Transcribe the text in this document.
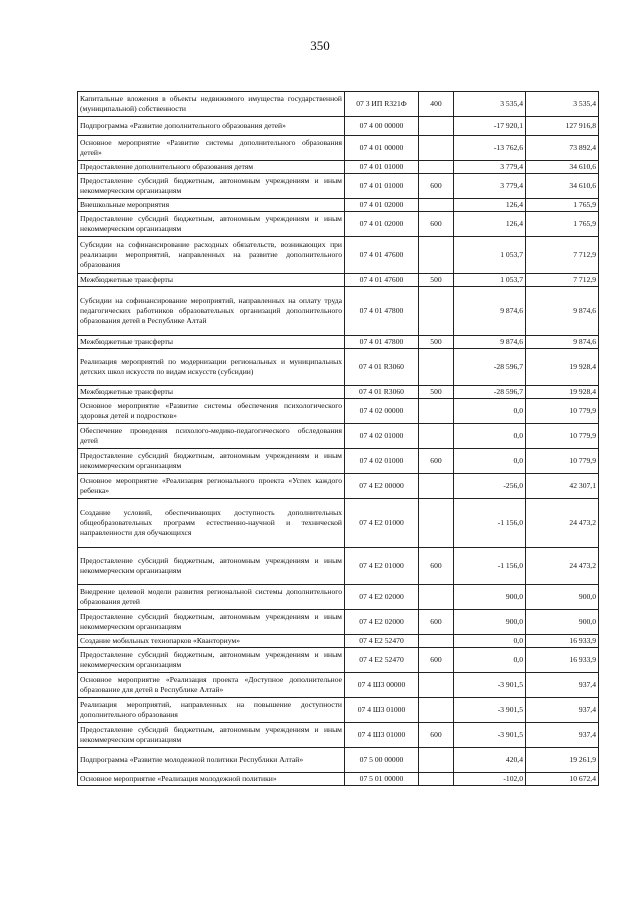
350
Капитальные вложения в объекты недвижимого имущества государственной (муниципальной) собственности	07 3 ИП R321Ф	400	3 535,4	3 535,4
Подпрограмма «Развитие дополнительного образования детей»	07 4 00 00000		-17 920,1	127 916,8
Основное мероприятие «Развитие системы дополнительного образования детей»	07 4 01 00000		-13 762,6	73 892,4
Предоставление дополнительного образования детям	07 4 01 01000		3 779,4	34 610,6
Предоставление субсидий бюджетным, автономным учреждениям и иным некоммерческим организациям	07 4 01 01000	600	3 779,4	34 610,6
Внешкольные мероприятия	07 4 01 02000		126,4	1 765,9
Предоставление субсидий бюджетным, автономным учреждениям и иным некоммерческим организациям	07 4 01 02000	600	126,4	1 765,9
Субсидии на софинансирование расходных обязательств, возникающих при реализации мероприятий, направленных на развитие дополнительного образования	07 4 01 47600		1 053,7	7 712,9
Межбюджетные трансферты	07 4 01 47600	500	1 053,7	7 712,9
Субсидии на софинансирование мероприятий, направленных на оплату труда педагогических работников образовательных организаций дополнительного образования детей в Республике Алтай	07 4 01 47800		9 874,6	9 874,6
Межбюджетные трансферты	07 4 01 47800	500	9 874,6	9 874,6
Реализация мероприятий по модернизации региональных и муниципальных детских школ искусств по видам искусств (субсидии)	07 4 01 R3060		-28 596,7	19 928,4
Межбюджетные трансферты	07 4 01 R3060	500	-28 596,7	19 928,4
Основное мероприятие «Развитие системы обеспечения психологического здоровья детей и подростков»	07 4 02 00000		0,0	10 779,9
Обеспечение проведения психолого-медико-педагогического обследования детей	07 4 02 01000		0,0	10 779,9
Предоставление субсидий бюджетным, автономным учреждениям и иным некоммерческим организациям	07 4 02 01000	600	0,0	10 779,9
Основное мероприятие «Реализация регионального проекта «Успех каждого ребенка»	07 4 E2 00000		-256,0	42 307,1
Создание условий, обеспечивающих доступность дополнительных общеобразовательных программ естественно-научной и технической направленности для обучающихся	07 4 E2 01000		-1 156,0	24 473,2
Предоставление субсидий бюджетным, автономным учреждениям и иным некоммерческим организациям	07 4 E2 01000	600	-1 156,0	24 473,2
Внедрение целевой модели развития региональной системы дополнительного образования детей	07 4 E2 02000		900,0	900,0
Предоставление субсидий бюджетным, автономным учреждениям и иным некоммерческим организациям	07 4 E2 02000	600	900,0	900,0
Создание мобильных технопарков «Кванториум»	07 4 E2 52470		0,0	16 933,9
Предоставление субсидий бюджетным, автономным учреждениям и иным некоммерческим организациям	07 4 E2 52470	600	0,0	16 933,9
Основное мероприятие «Реализация проекта «Доступное дополнительное образование для детей в Республике Алтай»	07 4 Ш3 00000		-3 901,5	937,4
Реализация мероприятий, направленных на повышение доступности дополнительного образования	07 4 Ш3 01000		-3 901,5	937,4
Предоставление субсидий бюджетным, автономным учреждениям и иным некоммерческим организациям	07 4 Ш3 01000	600	-3 901,5	937,4
Подпрограмма «Развитие молодежной политики Республики Алтай»	07 5 00 00000		420,4	19 261,9
Основное мероприятие «Реализация молодежной политики»	07 5 01 00000		-102,0	10 672,4
